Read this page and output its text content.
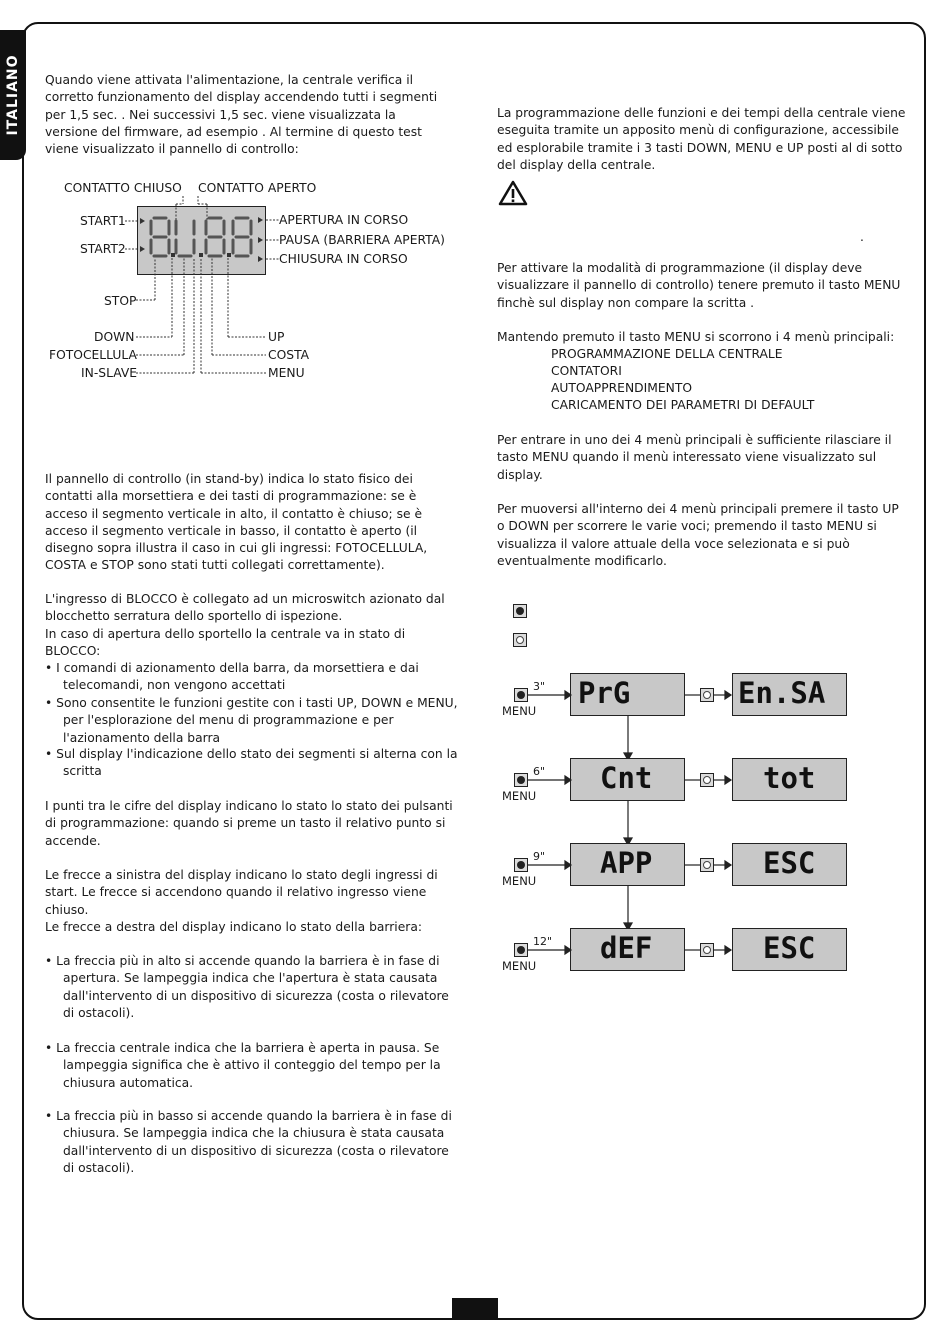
ITALIANO Quando viene attivata l'alimentazione, la centrale verifica il corretto funzionamento del display accendendo tutti i segmenti per 1,5 sec. . Nei successivi 1,5 sec. viene visualizzata la versione del firmware, ad esempio . Al termine di questo test viene visualizzato il pannello di controllo:
CONTATTO CHIUSO CONTATTO APERTO
START1
START2
APERTURA IN CORSO
PAUSA (BARRIERA APERTA)
CHIUSURA IN CORSO
STOP
DOWN
FOTOCELLULA
IN-SLAVE
UP
COSTA
MENU
Il pannello di controllo (in stand-by) indica lo stato fisico dei contatti alla morsettiera e dei tasti di programmazione: se è acceso il segmento verticale in alto, il contatto è chiuso; se è acceso il segmento verticale in basso, il contatto è aperto (il disegno sopra illustra il caso in cui gli ingressi: FOTOCELLULA, COSTA e STOP sono stati tutti collegati correttamente).
L'ingresso di BLOCCO è collegato ad un microswitch azionato dal blocchetto serratura dello sportello di ispezione.
In caso di apertura dello sportello la centrale va in stato di BLOCCO:
• I comandi di azionamento della barra, da morsettiera e dai telecomandi, non vengono accettati
• Sono consentite le funzioni gestite con i tasti UP, DOWN e MENU, per l'esplorazione del menu di programmazione e per l'azionamento della barra
• Sul display l'indicazione dello stato dei segmenti si alterna con la scritta
I punti tra le cifre del display indicano lo stato lo stato dei pulsanti di programmazione: quando si preme un tasto il relativo punto si accende.
Le frecce a sinistra del display indicano lo stato degli ingressi di start. Le frecce si accendono quando il relativo ingresso viene chiuso.
Le frecce a destra del display indicano lo stato della barriera:
• La freccia più in alto si accende quando la barriera è in fase di apertura. Se lampeggia indica che l'apertura è stata causata dall'intervento di un dispositivo di sicurezza (costa o rilevatore di ostacoli).
• La freccia centrale indica che la barriera è aperta in pausa. Se lampeggia significa che è attivo il conteggio del tempo per la chiusura automatica.
• La freccia più in basso si accende quando la barriera è in fase di chiusura. Se lampeggia indica che la chiusura è stata causata dall'intervento di un dispositivo di sicurezza (costa o rilevatore di ostacoli).
La programmazione delle funzioni e dei tempi della centrale viene eseguita tramite un apposito menù di configurazione, accessibile ed esplorabile tramite i 3 tasti DOWN, MENU e UP posti al di sotto del display della centrale.
.
Per attivare la modalità di programmazione (il display deve visualizzare il pannello di controllo) tenere premuto il tasto MENU finchè sul display non compare la scritta .
Mantendo premuto il tasto MENU si scorrono i 4 menù principali:
PROGRAMMAZIONE DELLA CENTRALE
CONTATORI
AUTOAPPRENDIMENTO
CARICAMENTO DEI PARAMETRI DI DEFAULT
Per entrare in uno dei 4 menù principali è sufficiente rilasciare il tasto MENU quando il menù interessato viene visualizzato sul display.
Per muoversi all'interno dei 4 menù principali premere il tasto UP o DOWN per scorrere le varie voci; premendo il tasto MENU si visualizza il valore attuale della voce selezionata e si può eventualmente modificarlo.
3"
MENU
PrG	En.SA
6"
MENU
Cnt	tot
9"
MENU
APP	ESC
12"
MENU
dEF	ESC
